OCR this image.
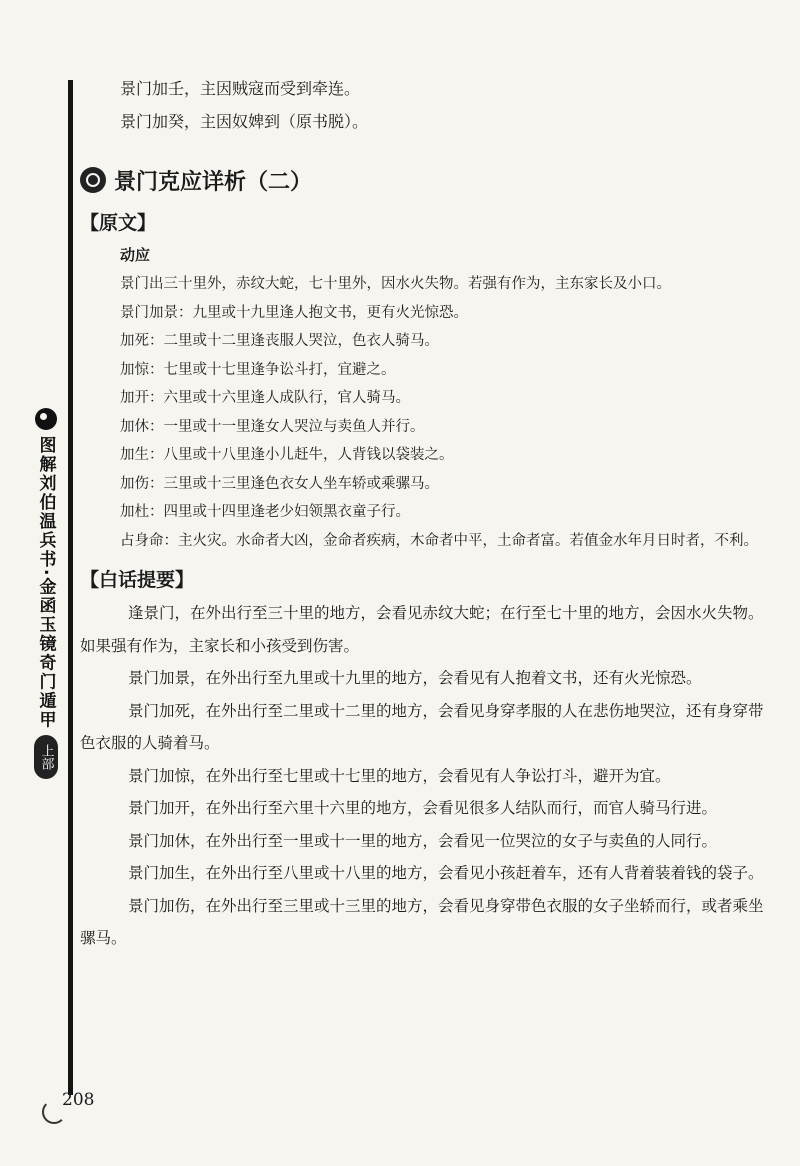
图解刘伯温兵书·金函玉镜奇门遁甲
上部

景门加壬，主因贼寇而受到牵连。

景门加癸，主因奴婢到（原书脱）。

景门克应详析（二）
【原文】
动应

景门出三十里外，赤纹大蛇，七十里外，因水火失物。若强有作为，主东家长及小口。

景门加景：九里或十九里逢人抱文书，更有火光惊恐。

加死：二里或十二里逢丧服人哭泣，色衣人骑马。

加惊：七里或十七里逢争讼斗打，宜避之。

加开：六里或十六里逢人成队行，官人骑马。

加休：一里或十一里逢女人哭泣与卖鱼人并行。

加生：八里或十八里逢小儿赶牛，人背钱以袋装之。

加伤：三里或十三里逢色衣女人坐车轿或乘骡马。

加杜：四里或十四里逢老少妇领黑衣童子行。

占身命：主火灾。水命者大凶，金命者疾病，木命者中平，土命者富。若值金水年月日时者，不利。

【白话提要】

逢景门，在外出行至三十里的地方，会看见赤纹大蛇；在行至七十里的地方，会因水火失物。如果强有作为，主家长和小孩受到伤害。

景门加景，在外出行至九里或十九里的地方，会看见有人抱着文书，还有火光惊恐。

景门加死，在外出行至二里或十二里的地方，会看见身穿孝服的人在悲伤地哭泣，还有身穿带色衣服的人骑着马。

景门加惊，在外出行至七里或十七里的地方，会看见有人争讼打斗，避开为宜。

景门加开，在外出行至六里十六里的地方，会看见很多人结队而行，而官人骑马行进。

景门加休，在外出行至一里或十一里的地方，会看见一位哭泣的女子与卖鱼的人同行。

景门加生，在外出行至八里或十八里的地方，会看见小孩赶着车，还有人背着装着钱的袋子。

景门加伤，在外出行至三里或十三里的地方，会看见身穿带色衣服的女子坐轿而行，或者乘坐骡马。

208
